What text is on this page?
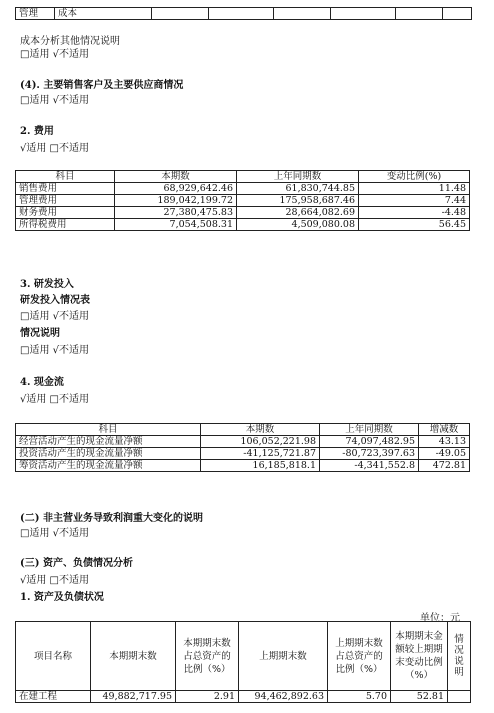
管理	成本						
成本分析其他情况说明
□适用 √不适用
(4). 主要销售客户及主要供应商情况
□适用 √不适用
2. 费用
√适用 □不适用
科目	本期数	上年同期数	变动比例(%)
销售费用	68,929,642.46	61,830,744.85	11.48
管理费用	189,042,199.72	175,958,687.46	7.44
财务费用	27,380,475.83	28,664,082.69	-4.48
所得税费用	7,054,508.31	4,509,080.08	56.45
3. 研发投入
研发投入情况表
□适用 √不适用
情况说明
□适用 √不适用
4. 现金流
√适用 □不适用
科目	本期数	上年同期数	增减数
经营活动产生的现金流量净额	106,052,221.98	74,097,482.95	43.13
投资活动产生的现金流量净额	-41,125,721.87	-80,723,397.63	-49.05
筹资活动产生的现金流量净额	16,185,818.1	-4,341,552.8	472.81
(二) 非主营业务导致利润重大变化的说明
□适用 √不适用
(三) 资产、负债情况分析
√适用 □不适用
1. 资产及负债状况
单位：元
项目名称	本期期末数	本期期末数占总资产的比例（%）	上期期末数	上期期末数占总资产的比例（%）	本期期末金额较上期期末变动比例（%）	情况说明
在建工程	49,882,717.95	2.91	94,462,892.63	5.70	52.81	
